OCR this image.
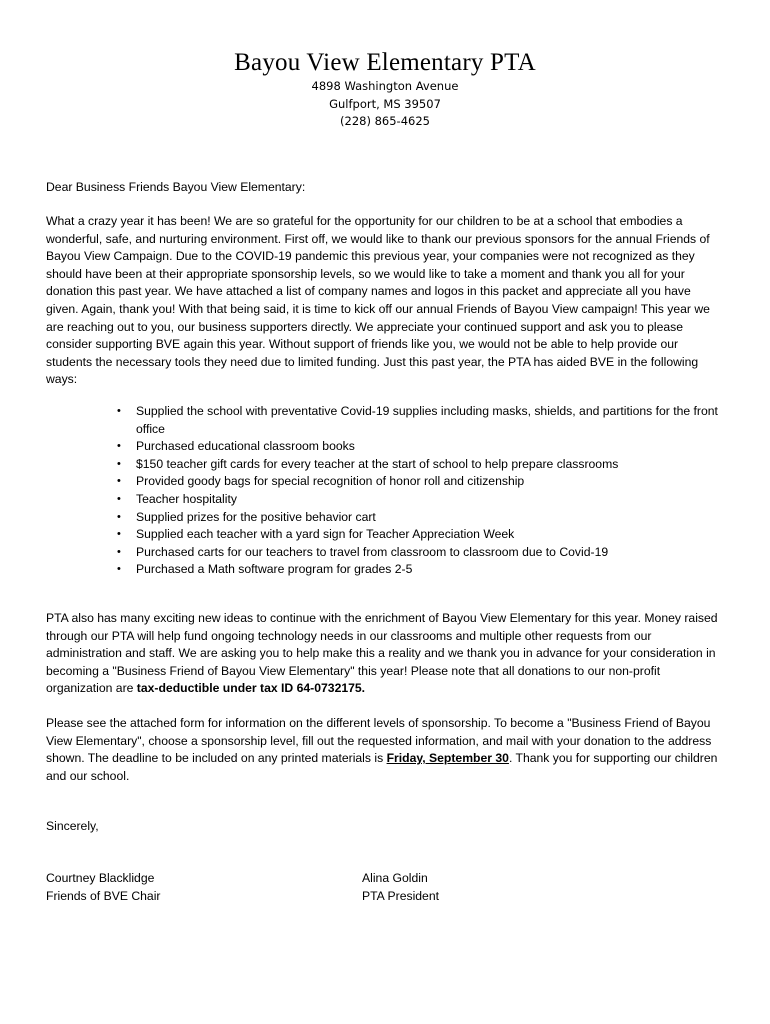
Bayou View Elementary PTA
4898 Washington Avenue
Gulfport, MS 39507
(228) 865-4625
Dear Business Friends Bayou View Elementary:
What a crazy year it has been! We are so grateful for the opportunity for our children to be at a school that embodies a wonderful, safe, and nurturing environment. First off, we would like to thank our previous sponsors for the annual Friends of Bayou View Campaign. Due to the COVID-19 pandemic this previous year, your companies were not recognized as they should have been at their appropriate sponsorship levels, so we would like to take a moment and thank you all for your donation this past year. We have attached a list of company names and logos in this packet and appreciate all you have given. Again, thank you! With that being said, it is time to kick off our annual Friends of Bayou View campaign! This year we are reaching out to you, our business supporters directly. We appreciate your continued support and ask you to please consider supporting BVE again this year. Without support of friends like you, we would not be able to help provide our students the necessary tools they need due to limited funding. Just this past year, the PTA has aided BVE in the following ways:
• Supplied the school with preventative Covid-19 supplies including masks, shields, and partitions for the front office
• Purchased educational classroom books
• $150 teacher gift cards for every teacher at the start of school to help prepare classrooms
• Provided goody bags for special recognition of honor roll and citizenship
• Teacher hospitality
• Supplied prizes for the positive behavior cart
• Supplied each teacher with a yard sign for Teacher Appreciation Week
• Purchased carts for our teachers to travel from classroom to classroom due to Covid-19
• Purchased a Math software program for grades 2-5
PTA also has many exciting new ideas to continue with the enrichment of Bayou View Elementary for this year. Money raised through our PTA will help fund ongoing technology needs in our classrooms and multiple other requests from our administration and staff. We are asking you to help make this a reality and we thank you in advance for your consideration in becoming a "Business Friend of Bayou View Elementary" this year! Please note that all donations to our non-profit organization are tax-deductible under tax ID 64-0732175.
Please see the attached form for information on the different levels of sponsorship. To become a "Business Friend of Bayou View Elementary", choose a sponsorship level, fill out the requested information, and mail with your donation to the address shown. The deadline to be included on any printed materials is Friday, September 30. Thank you for supporting our children and our school.
Sincerely,
Courtney Blacklidge
Friends of BVE Chair
Alina Goldin
PTA President
